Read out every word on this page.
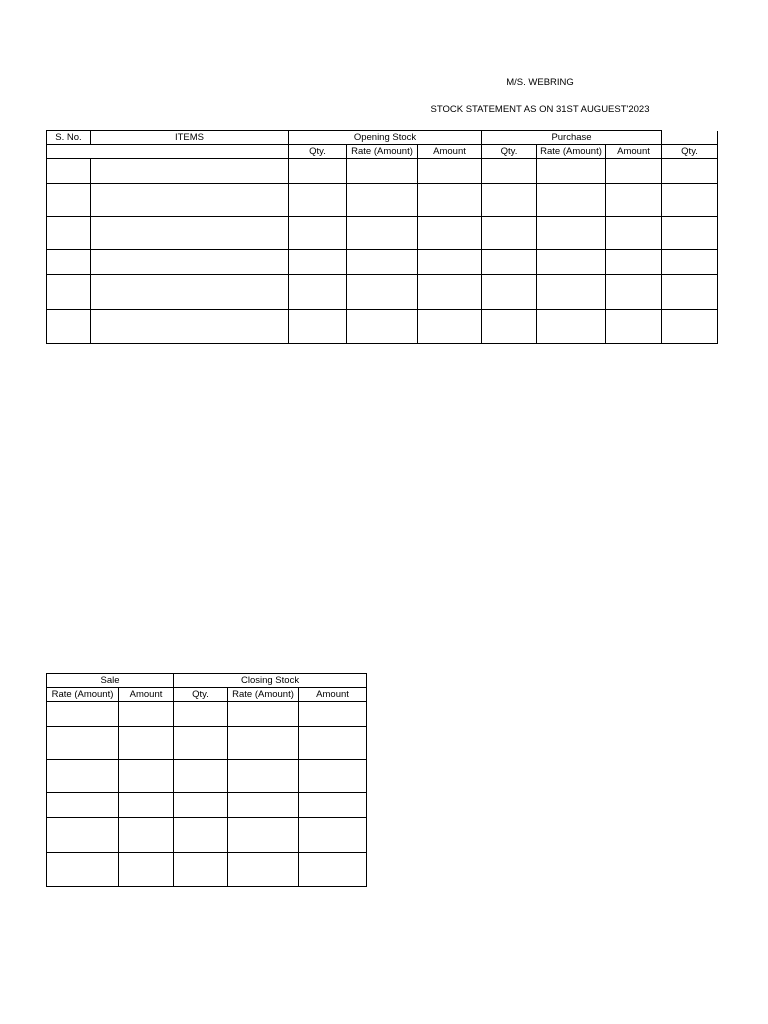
M/S. WEBRING
STOCK STATEMENT AS ON 31ST AUGUEST'2023
S. No.	ITEMS	Opening Stock			Purchase			
		Qty.	Rate (Amount)	Amount	Qty.	Rate (Amount)	Amount	Qty.

Sale		Closing Stock		
Rate (Amount)	Amount	Qty.	Rate (Amount)	Amount
